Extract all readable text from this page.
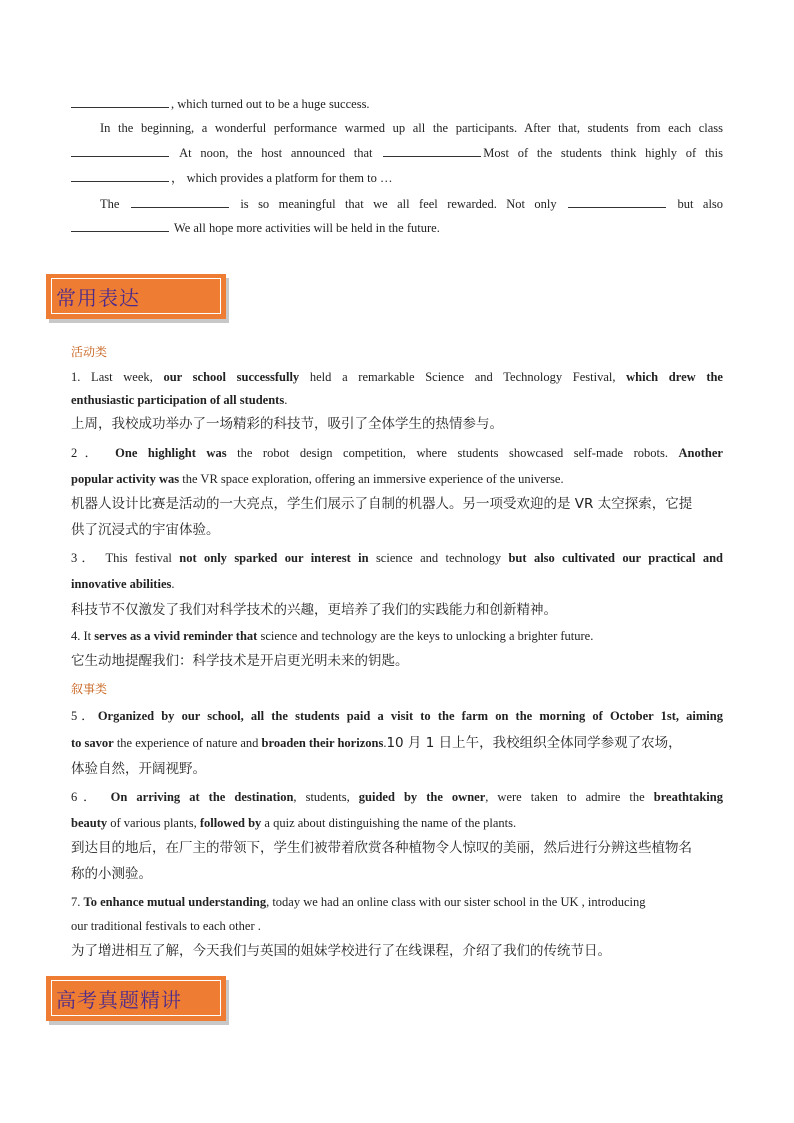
, which turned out to be a huge success.
In the beginning, a wonderful performance warmed up all the participants. After that, students from each class
At noon, the host announced that	Most of the students think highly of this
， which provides a platform for them to …
The	is so meaningful that we all feel rewarded. Not only	but also
We all hope more activities will be held in the future.
常用表达
活动类
1. Last week, our school successfully held a remarkable Science and Technology Festival, which drew the
enthusiastic participation of all students.
上周，我校成功举办了一场精彩的科技节，吸引了全体学生的热情参与。
2． One highlight was the robot design competition, where students showcased self-made robots. Another
popular activity was the VR space exploration, offering an immersive experience of the universe.
机器人设计比赛是活动的一大亮点，学生们展示了自制的机器人。另一项受欢迎的是 VR 太空探索，它提
供了沉浸式的宇宙体验。
3． This festival not only sparked our interest in science and technology but also cultivated our practical and
innovative abilities.
科技节不仅激发了我们对科学技术的兴趣，更培养了我们的实践能力和创新精神。
4. It serves as a vivid reminder that science and technology are the keys to unlocking a brighter future.
它生动地提醒我们：科学技术是开启更光明未来的钥匙。
叙事类
5．Organized by our school, all the students paid a visit to the farm on the morning of October 1st, aiming
to savor the experience of nature and broaden their horizons.10 月 1 日上午，我校组织全体同学参观了农场，
体验自然，开阔视野。
6． On arriving at the destination, students, guided by the owner, were taken to admire the breathtaking
beauty of various plants, followed by a quiz about distinguishing the name of the plants.
到达目的地后，在厂主的带领下，学生们被带着欣赏各种植物令人惊叹的美丽，然后进行分辨这些植物名
称的小测验。
7. To enhance mutual understanding, today we had an online class with our sister school in the UK , introducing
our traditional festivals to each other .
为了增进相互了解，今天我们与英国的姐妹学校进行了在线课程，介绍了我们的传统节日。
高考真题精讲
